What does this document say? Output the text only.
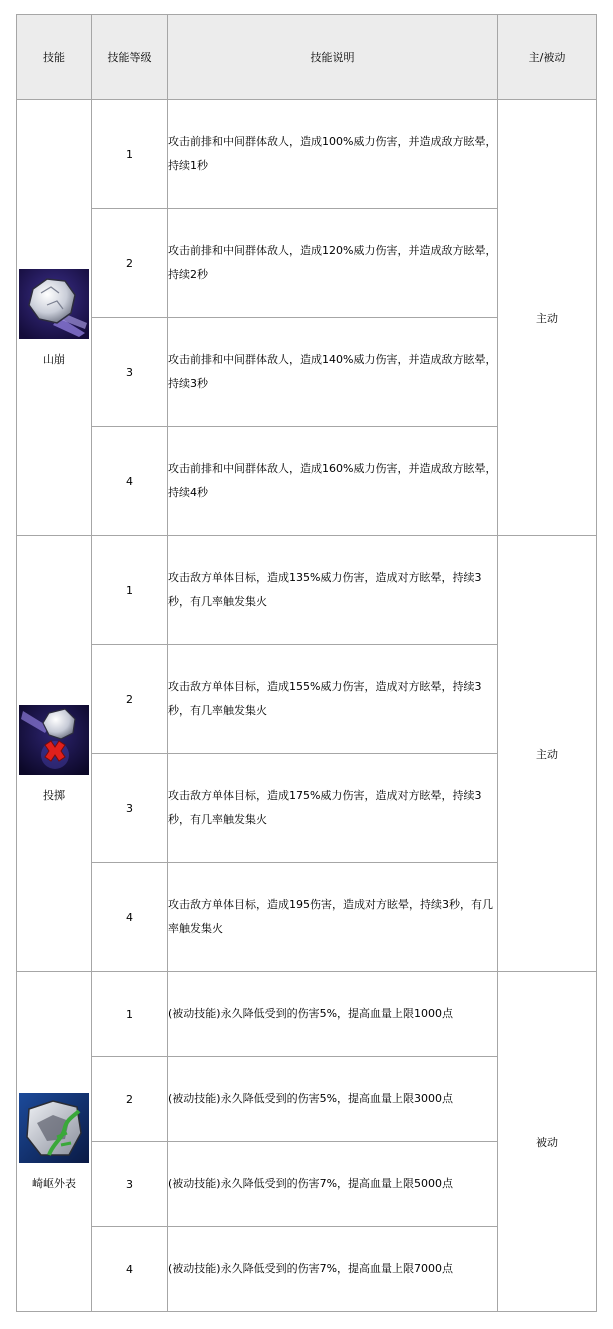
技能	技能等级	技能说明	主/被动

山崩	1	攻击前排和中间群体敌人，造成100%威力伤害，并造成敌方眩晕，持续1秒	主动
	2	攻击前排和中间群体敌人，造成120%威力伤害，并造成敌方眩晕，持续2秒	
	3	攻击前排和中间群体敌人，造成140%威力伤害，并造成敌方眩晕，持续3秒	
	4	攻击前排和中间群体敌人，造成160%威力伤害，并造成敌方眩晕，持续4秒	

投掷	1	攻击敌方单体目标，造成135%威力伤害，造成对方眩晕，持续3秒，有几率触发集火	主动
	2	攻击敌方单体目标，造成155%威力伤害，造成对方眩晕，持续3秒，有几率触发集火	
	3	攻击敌方单体目标，造成175%威力伤害，造成对方眩晕，持续3秒，有几率触发集火	
	4	攻击敌方单体目标，造成195伤害，造成对方眩晕，持续3秒，有几率触发集火	

崎岖外表	1	(被动技能)永久降低受到的伤害5%，提高血量上限1000点	被动
	2	(被动技能)永久降低受到的伤害5%，提高血量上限3000点	
	3	(被动技能)永久降低受到的伤害7%，提高血量上限5000点	
	4	(被动技能)永久降低受到的伤害7%，提高血量上限7000点	
